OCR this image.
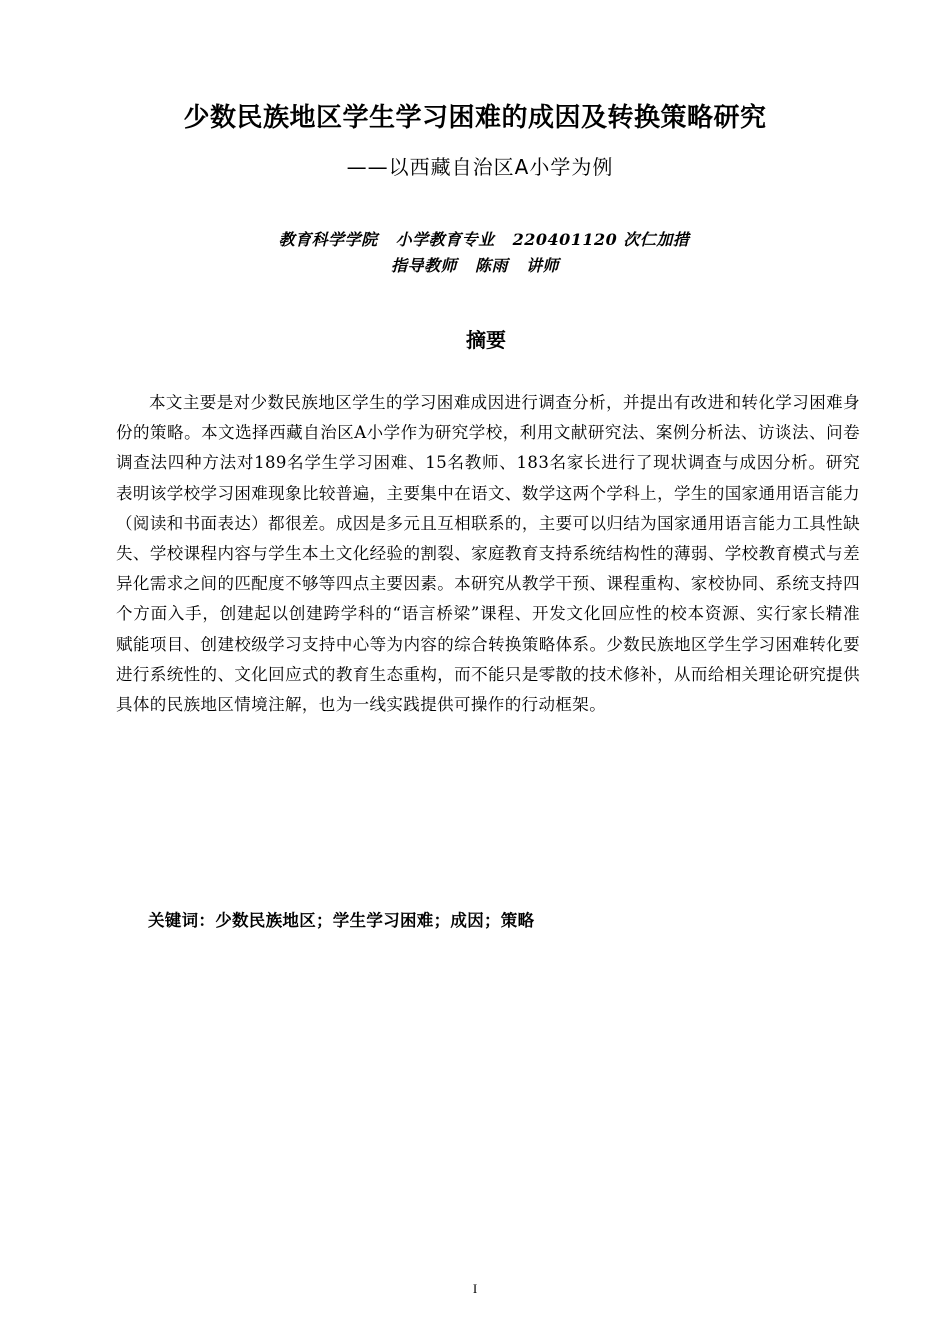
少数民族地区学生学习困难的成因及转换策略研究
——以西藏自治区A小学为例
教育科学学院 小学教育专业 220401120 次仁加措
指导教师 陈雨 讲师
摘要

本文主要是对少数民族地区学生的学习困难成因进行调查分析，并提出有改进和转化学习困难身份的策略。本文选择西藏自治区A小学作为研究学校，利用文献研究法、案例分析法、访谈法、问卷调查法四种方法对189名学生学习困难、15名教师、183名家长进行了现状调查与成因分析。研究表明该学校学习困难现象比较普遍，主要集中在语文、数学这两个学科上，学生的国家通用语言能力（阅读和书面表达）都很差。成因是多元且互相联系的，主要可以归结为国家通用语言能力工具性缺失、学校课程内容与学生本土文化经验的割裂、家庭教育支持系统结构性的薄弱、学校教育模式与差异化需求之间的匹配度不够等四点主要因素。本研究从教学干预、课程重构、家校协同、系统支持四个方面入手，创建起以创建跨学科的“语言桥梁”课程、开发文化回应性的校本资源、实行家长精准赋能项目、创建校级学习支持中心等为内容的综合转换策略体系。少数民族地区学生学习困难转化要进行系统性的、文化回应式的教育生态重构，而不能只是零散的技术修补，从而给相关理论研究提供具体的民族地区情境注解，也为一线实践提供可操作的行动框架。

关键词：少数民族地区；学生学习困难；成因；策略
I
